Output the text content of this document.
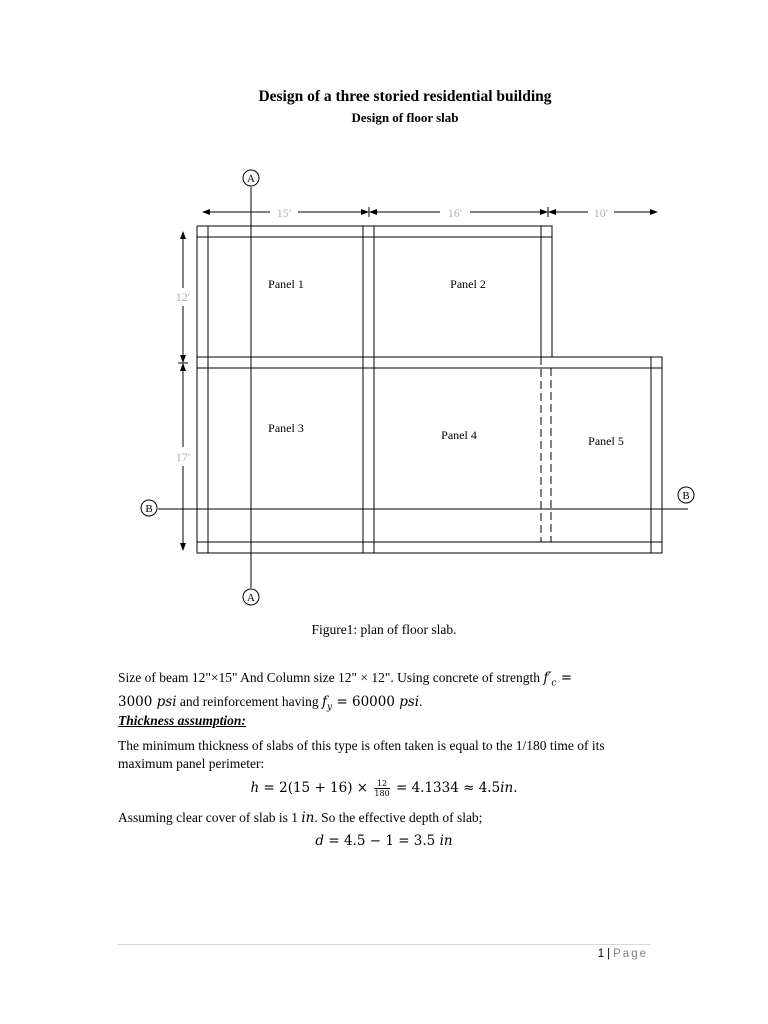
Design of a three storied residential building
Design of floor slab
A
A
B
B
15′	16′	10′
12′
17′
Panel 1	Panel 2
Panel 3	Panel 4	Panel 5
Figure1: plan of floor slab.
Size of beam 12"×15" And Column size 12" × 12". Using concrete of strength $f'_c$ =
3000 psi and reinforcement having $f_y = 60000$ psi.
Thickness assumption:
The minimum thickness of slabs of this type is often taken is equal to the 1/180 time of its maximum panel perimeter:
$h = 2(15 + 16) \times \frac{12}{180} = 4.1334 \approx 4.5in$.
Assuming clear cover of slab is 1 in. So the effective depth of slab;
d = 4.5 − 1 = 3.5 in
1 | Page
